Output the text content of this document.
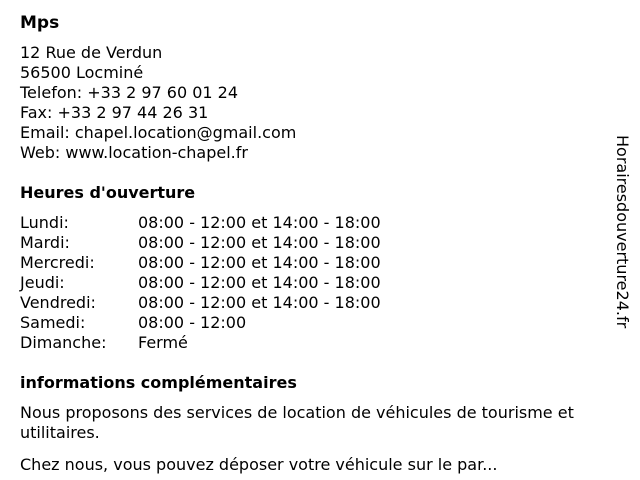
Mps
12 Rue de Verdun
56500 Locminé
Telefon: +33 2 97 60 01 24
Fax: +33 2 97 44 26 31
Email: chapel.location@gmail.com
Web: www.location-chapel.fr
Heures d'ouverture
Lundi:	08:00 - 12:00 et 14:00 - 18:00
Mardi:	08:00 - 12:00 et 14:00 - 18:00
Mercredi:	08:00 - 12:00 et 14:00 - 18:00
Jeudi:	08:00 - 12:00 et 14:00 - 18:00
Vendredi:	08:00 - 12:00 et 14:00 - 18:00
Samedi:	08:00 - 12:00
Dimanche:	Fermé
informations complémentaires

Nous proposons des services de location de véhicules de tourisme et utilitaires.

Chez nous, vous pouvez déposer votre véhicule sur le par...

Horairesdouverture24.fr
